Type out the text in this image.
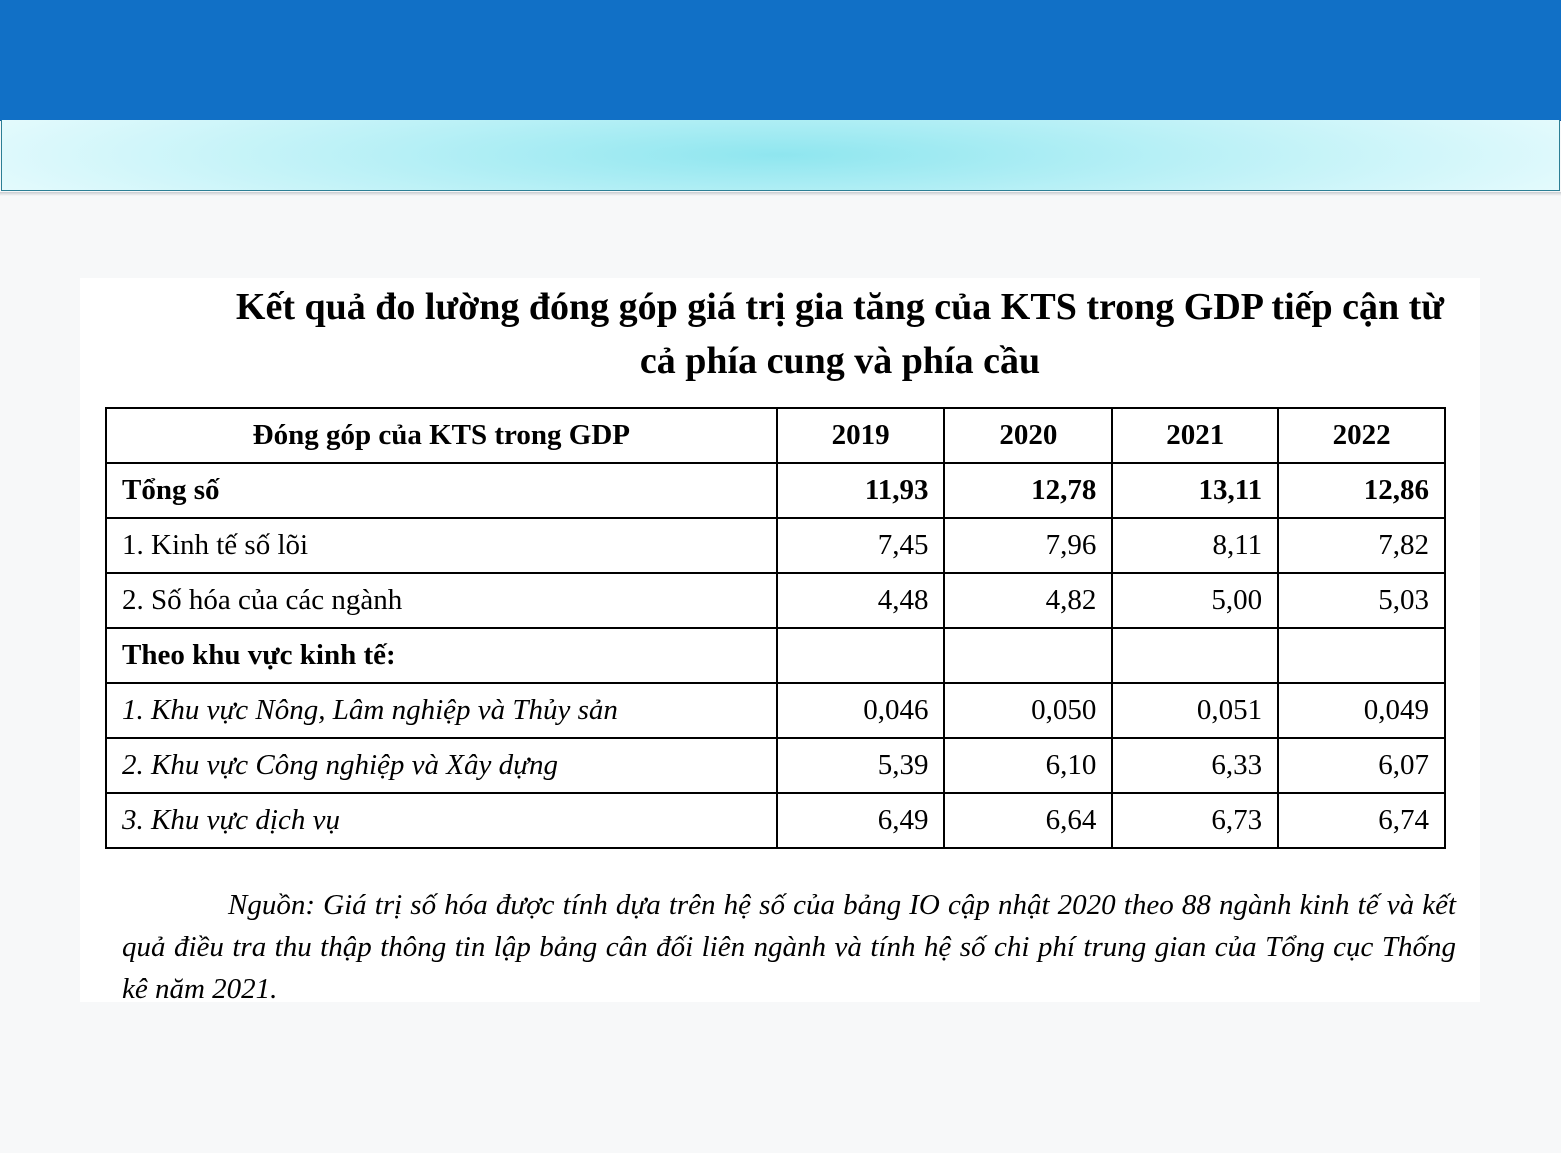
Kết quả đo lường đóng góp giá trị gia tăng của KTS trong GDP tiếp cận từ cả phía cung và phía cầu
Đóng góp của KTS trong GDP	2019	2020	2021	2022
Tổng số	11,93	12,78	13,11	12,86
1. Kinh tế số lõi	7,45	7,96	8,11	7,82
2. Số hóa của các ngành	4,48	4,82	5,00	5,03
Theo khu vực kinh tế:				
1. Khu vực Nông, Lâm nghiệp và Thủy sản	0,046	0,050	0,051	0,049
2. Khu vực Công nghiệp và Xây dựng	5,39	6,10	6,33	6,07
3. Khu vực dịch vụ	6,49	6,64	6,73	6,74

Nguồn: Giá trị số hóa được tính dựa trên hệ số của bảng IO cập nhật 2020 theo 88 ngành kinh tế và kết quả điều tra thu thập thông tin lập bảng cân đối liên ngành và tính hệ số chi phí trung gian của Tổng cục Thống kê năm 2021.
